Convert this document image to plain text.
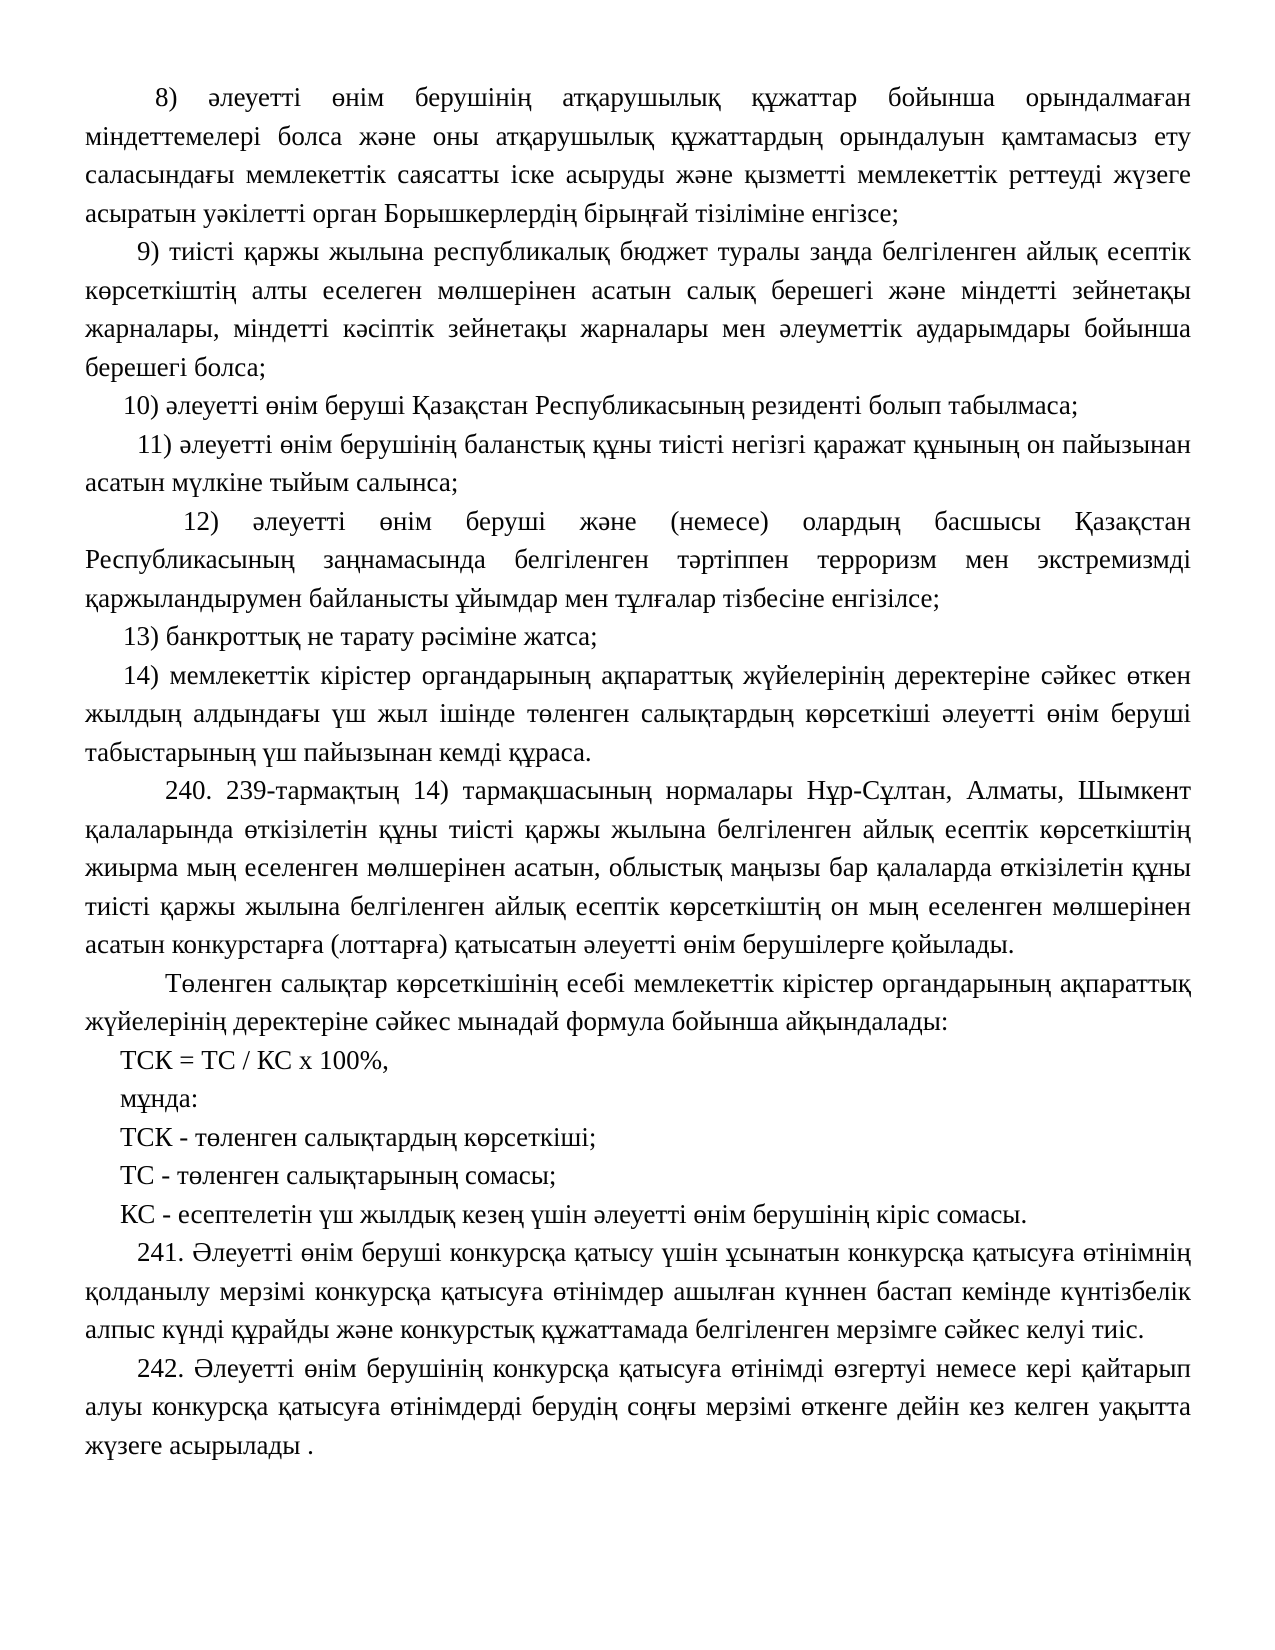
8) әлеуетті өнім берушінің атқарушылық құжаттар бойынша орындалмаған міндеттемелері болса және оны атқарушылық құжаттардың орындалуын қамтамасыз ету саласындағы мемлекеттік саясатты іске асыруды және қызметті мемлекеттік реттеуді жүзеге асыратын уәкілетті орган Борышкерлердің бірыңғай тізіліміне енгізсе;

9) тиісті қаржы жылына республикалық бюджет туралы заңда белгіленген айлық есептік көрсеткіштің алты еселеген мөлшерінен асатын салық берешегі және міндетті зейнетақы жарналары, міндетті кәсіптік зейнетақы жарналары мен әлеуметтік аударымдары бойынша берешегі болса;

10) әлеуетті өнім беруші Қазақстан Республикасының резиденті болып табылмаса;

11) әлеуетті өнім берушінің баланстық құны тиісті негізгі қаражат құнының он пайызынан асатын мүлкіне тыйым салынса;

12) әлеуетті өнім беруші және (немесе) олардың басшысы Қазақстан Республикасының заңнамасында белгіленген тәртіппен терроризм мен экстремизмді қаржыландырумен байланысты ұйымдар мен тұлғалар тізбесіне енгізілсе;

13) банкроттық не тарату рәсіміне жатса;

14) мемлекеттік кірістер органдарының ақпараттық жүйелерінің деректеріне сәйкес өткен жылдың алдындағы үш жыл ішінде төленген салықтардың көрсеткіші әлеуетті өнім беруші табыстарының үш пайызынан кемді құраса.

240. 239-тармақтың 14) тармақшасының нормалары Нұр-Сұлтан, Алматы, Шымкент қалаларында өткізілетін құны тиісті қаржы жылына белгіленген айлық есептік көрсеткіштің жиырма мың еселенген мөлшерінен асатын, облыстық маңызы бар қалаларда өткізілетін құны тиісті қаржы жылына белгіленген айлық есептік көрсеткіштің он мың еселенген мөлшерінен асатын конкурстарға (лоттарға) қатысатын әлеуетті өнім берушілерге қойылады.

Төленген салықтар көрсеткішінің есебі мемлекеттік кірістер органдарының ақпараттық жүйелерінің деректеріне сәйкес мынадай формула бойынша айқындалады:

ТСК = ТС / КС х 100%,

мұнда:

ТСК - төленген салықтардың көрсеткіші;

ТС - төленген салықтарының сомасы;

КС - есептелетін үш жылдық кезең үшін әлеуетті өнім берушінің кіріс сомасы.

241. Әлеуетті өнім беруші конкурсқа қатысу үшін ұсынатын конкурсқа қатысуға өтінімнің қолданылу мерзімі конкурсқа қатысуға өтінімдер ашылған күннен бастап кемінде күнтізбелік алпыс күнді құрайды және конкурстық құжаттамада белгіленген мерзімге сәйкес келуі тиіс.

242. Әлеуетті өнім берушінің конкурсқа қатысуға өтінімді өзгертуі немесе кері қайтарып алуы конкурсқа қатысуға өтінімдерді берудің соңғы мерзімі өткенге дейін кез келген уақытта жүзеге асырылады .
